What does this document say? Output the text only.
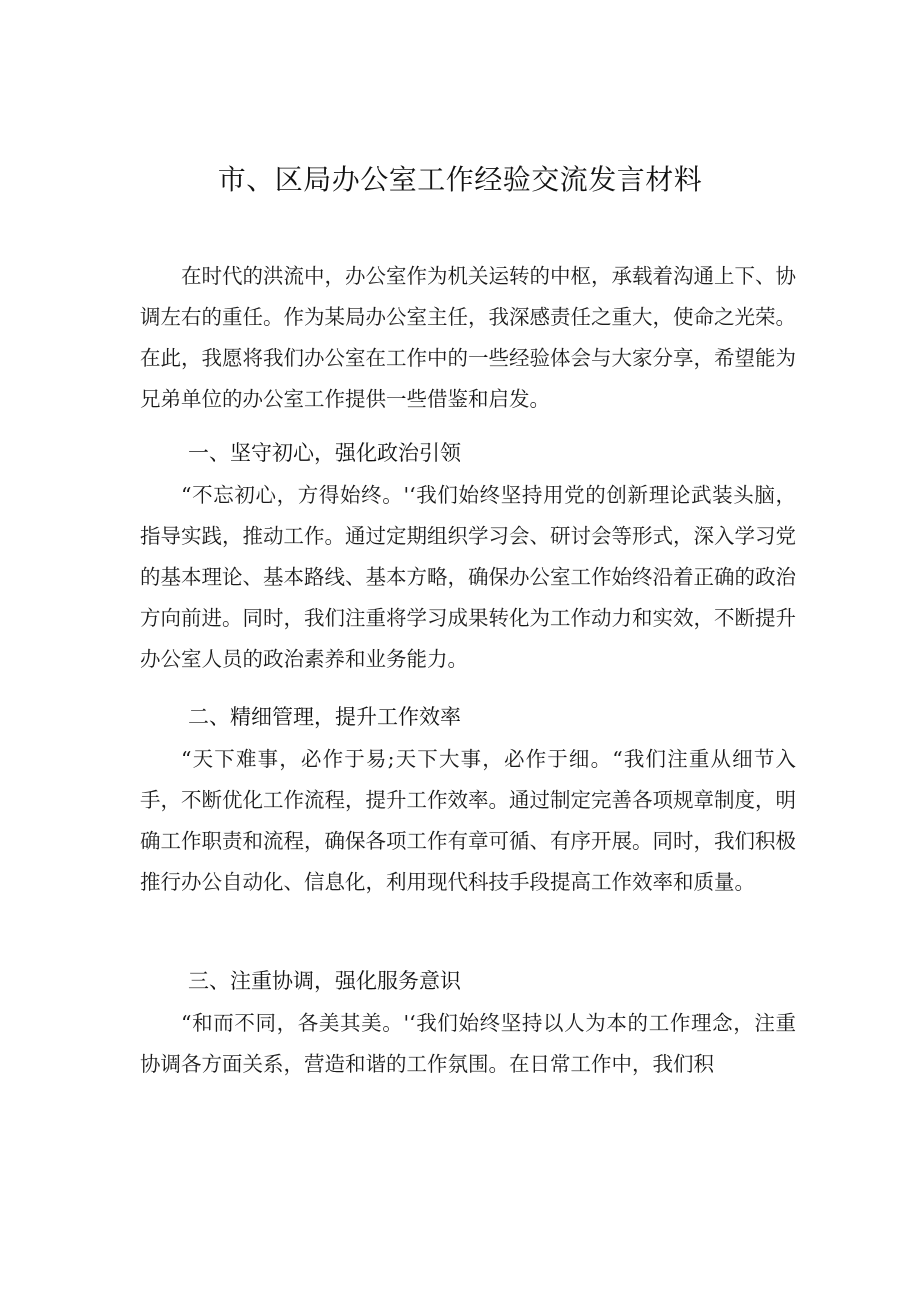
市、区局办公室工作经验交流发言材料

在时代的洪流中，办公室作为机关运转的中枢，承载着沟通上下、协调左右的重任。作为某局办公室主任，我深感责任之重大，使命之光荣。在此，我愿将我们办公室在工作中的一些经验体会与大家分享，希望能为兄弟单位的办公室工作提供一些借鉴和启发。

一、坚守初心，强化政治引领

“不忘初心，方得始终。'‘我们始终坚持用党的创新理论武装头脑，指导实践，推动工作。通过定期组织学习会、研讨会等形式，深入学习党的基本理论、基本路线、基本方略，确保办公室工作始终沿着正确的政治方向前进。同时，我们注重将学习成果转化为工作动力和实效，不断提升办公室人员的政治素养和业务能力。

二、精细管理，提升工作效率

“天下难事，必作于易;天下大事，必作于细。“我们注重从细节入手，不断优化工作流程，提升工作效率。通过制定完善各项规章制度，明确工作职责和流程，确保各项工作有章可循、有序开展。同时，我们积极推行办公自动化、信息化，利用现代科技手段提高工作效率和质量。

三、注重协调，强化服务意识

“和而不同，各美其美。'‘我们始终坚持以人为本的工作理念，注重协调各方面关系，营造和谐的工作氛围。在日常工作中，我们积
